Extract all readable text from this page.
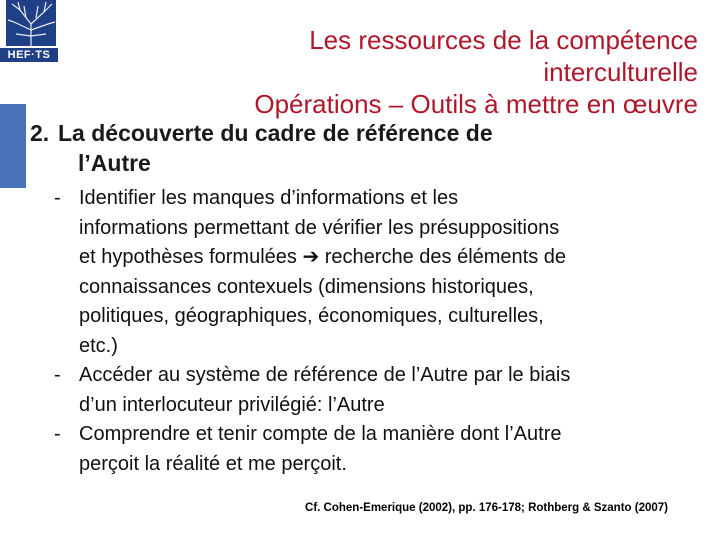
HEF·TS	Les ressources de la compétence
interculturelle
Opérations – Outils à mettre en œuvre
2. La découverte du cadre de référence de
l’Autre
- Identifier les manques d’informations et les
informations permettant de vérifier les présuppositions
et hypothèses formulées ➔ recherche des éléments de
connaissances contexuels (dimensions historiques,
politiques, géographiques, économiques, culturelles,
etc.)
- Accéder au système de référence de l’Autre par le biais
d’un interlocuteur privilégié: l’Autre
- Comprendre et tenir compte de la manière dont l’Autre
perçoit la réalité et me perçoit.
Cf. Cohen-Emerique (2002), pp. 176-178; Rothberg & Szanto (2007)
